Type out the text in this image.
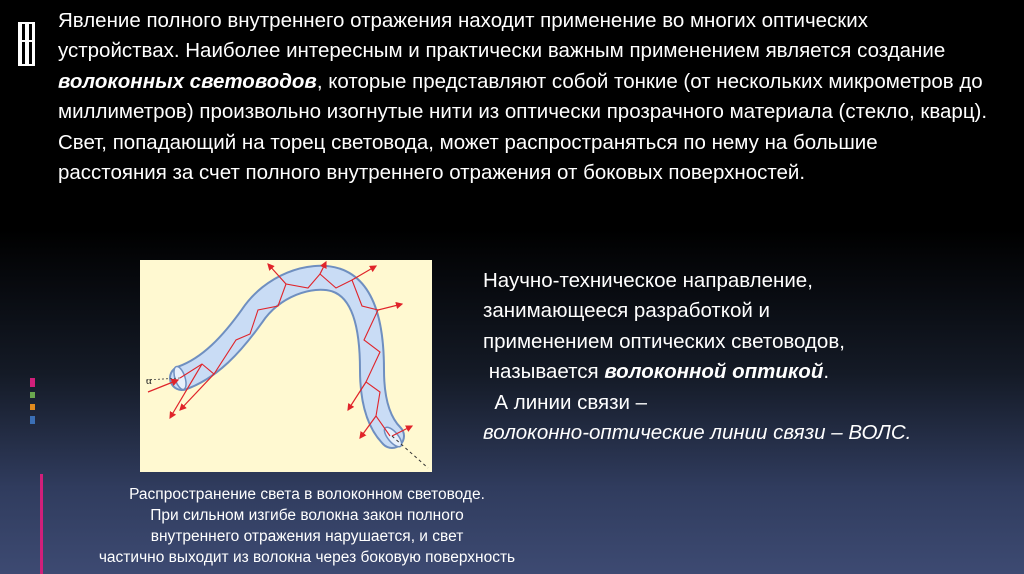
Явление полного внутреннего отражения находит применение во многих оптических устройствах. Наиболее интересным и практически важным применением является создание волоконных световодов, которые представляют собой тонкие (от нескольких микрометров до миллиметров) произвольно изогнутые нити из оптически прозрачного материала (стекло, кварц). Свет, попадающий на торец световода, может распространяться по нему на большие расстояния за счет полного внутреннего отражения от боковых поверхностей.
α
Научно-техническое направление,
занимающееся разработкой и
применением оптических световодов,
называется волоконной оптикой.
А линии связи –
волоконно-оптические линии связи – ВОЛС.
Распространение света в волоконном световоде.
При сильном изгибе волокна закон полного
внутреннего отражения нарушается, и свет
частично выходит из волокна через боковую поверхность
